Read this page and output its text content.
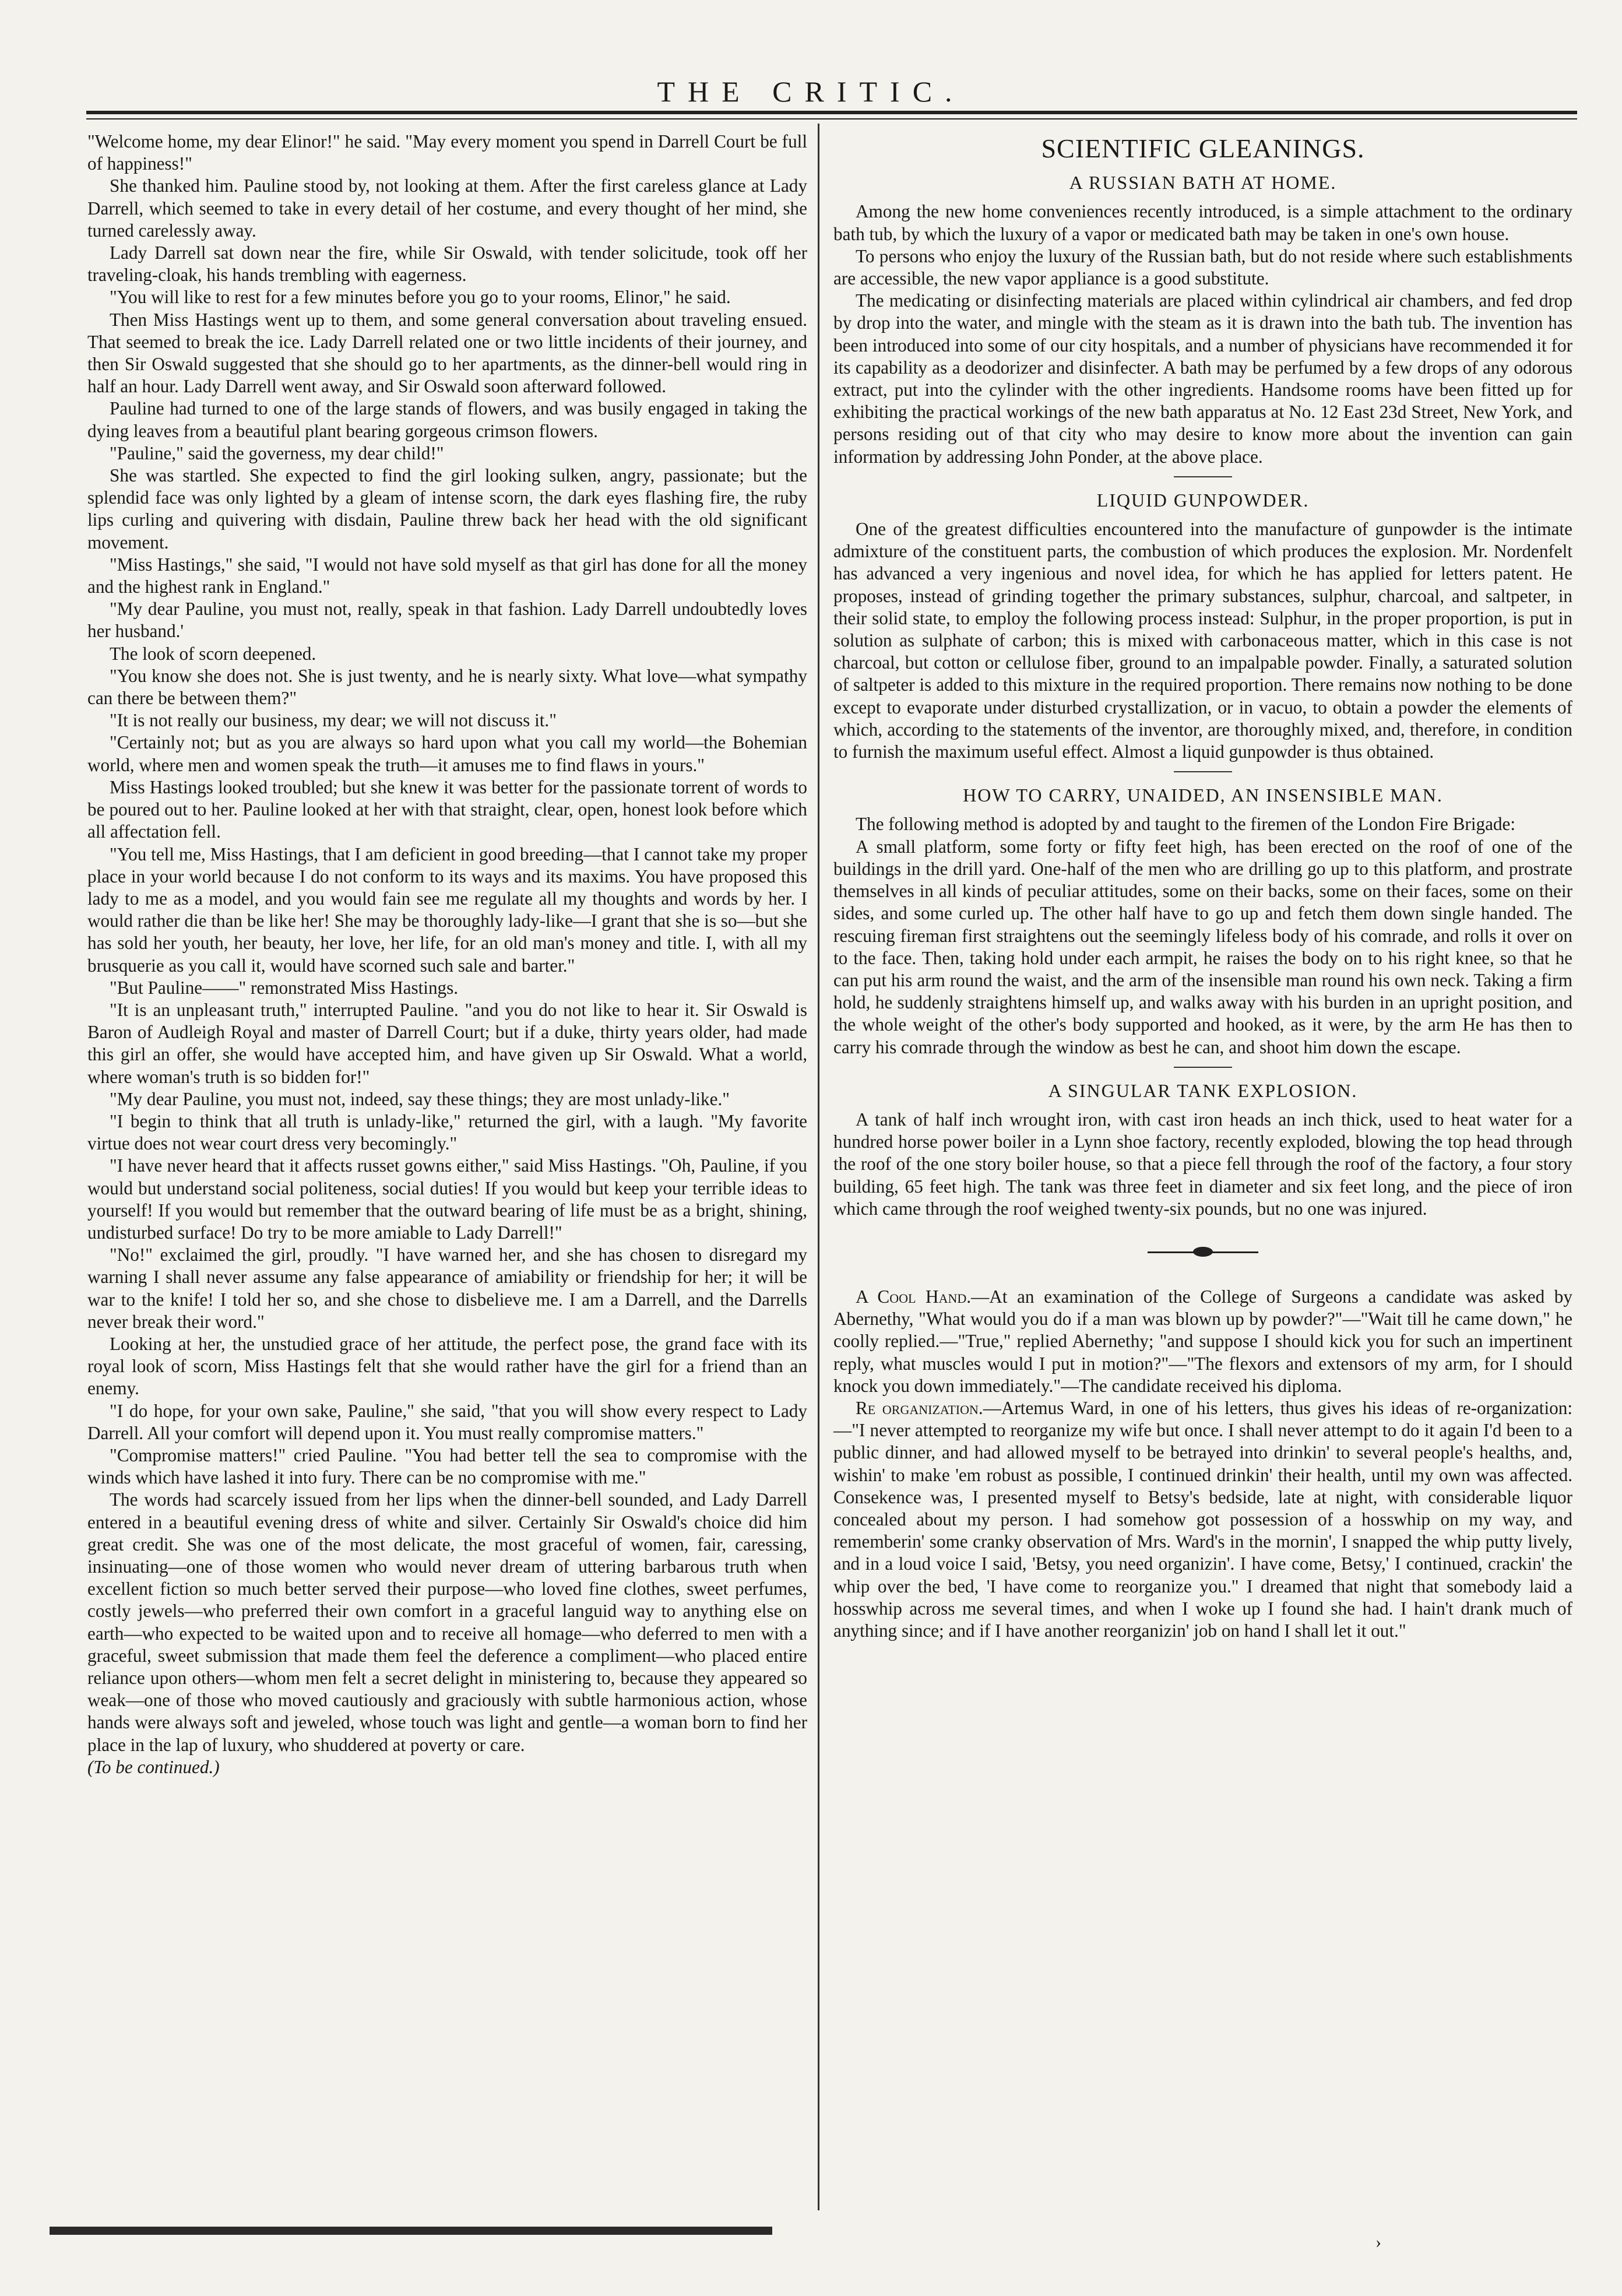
THE CRITIC.

"Welcome home, my dear Elinor!" he said. "May every moment you spend in Darrell Court be full of happiness!"

She thanked him. Pauline stood by, not looking at them. After the first careless glance at Lady Darrell, which seemed to take in every detail of her costume, and every thought of her mind, she turned carelessly away.

Lady Darrell sat down near the fire, while Sir Oswald, with tender solicitude, took off her traveling-cloak, his hands trembling with eagerness.

"You will like to rest for a few minutes before you go to your rooms, Elinor," he said.

Then Miss Hastings went up to them, and some general conversation about traveling ensued. That seemed to break the ice. Lady Darrell related one or two little incidents of their journey, and then Sir Oswald suggested that she should go to her apartments, as the dinner-bell would ring in half an hour. Lady Darrell went away, and Sir Oswald soon afterward followed.

Pauline had turned to one of the large stands of flowers, and was busily engaged in taking the dying leaves from a beautiful plant bearing gorgeous crimson flowers.

"Pauline," said the governess, my dear child!"

She was startled. She expected to find the girl looking sulken, angry, passionate; but the splendid face was only lighted by a gleam of intense scorn, the dark eyes flashing fire, the ruby lips curling and quivering with disdain, Pauline threw back her head with the old significant movement.

"Miss Hastings," she said, "I would not have sold myself as that girl has done for all the money and the highest rank in England."

"My dear Pauline, you must not, really, speak in that fashion. Lady Darrell undoubtedly loves her husband.'

The look of scorn deepened.

"You know she does not. She is just twenty, and he is nearly sixty. What love—what sympathy can there be between them?"

"It is not really our business, my dear; we will not discuss it."

"Certainly not; but as you are always so hard upon what you call my world—the Bohemian world, where men and women speak the truth—it amuses me to find flaws in yours."

Miss Hastings looked troubled; but she knew it was better for the passionate torrent of words to be poured out to her. Pauline looked at her with that straight, clear, open, honest look before which all affectation fell.

"You tell me, Miss Hastings, that I am deficient in good breeding—that I cannot take my proper place in your world because I do not conform to its ways and its maxims. You have proposed this lady to me as a model, and you would fain see me regulate all my thoughts and words by her. I would rather die than be like her! She may be thoroughly lady-like—I grant that she is so—but she has sold her youth, her beauty, her love, her life, for an old man's money and title. I, with all my brusquerie as you call it, would have scorned such sale and barter."

"But Pauline——" remonstrated Miss Hastings.

"It is an unpleasant truth," interrupted Pauline. "and you do not like to hear it. Sir Oswald is Baron of Audleigh Royal and master of Darrell Court; but if a duke, thirty years older, had made this girl an offer, she would have accepted him, and have given up Sir Oswald. What a world, where woman's truth is so bidden for!"

"My dear Pauline, you must not, indeed, say these things; they are most unlady-like."

"I begin to think that all truth is unlady-like," returned the girl, with a laugh. "My favorite virtue does not wear court dress very becomingly."

"I have never heard that it affects russet gowns either," said Miss Hastings. "Oh, Pauline, if you would but understand social politeness, social duties! If you would but keep your terrible ideas to yourself! If you would but remember that the outward bearing of life must be as a bright, shining, undisturbed surface! Do try to be more amiable to Lady Darrell!"

"No!" exclaimed the girl, proudly. "I have warned her, and she has chosen to disregard my warning I shall never assume any false appearance of amiability or friendship for her; it will be war to the knife! I told her so, and she chose to disbelieve me. I am a Darrell, and the Darrells never break their word."

Looking at her, the unstudied grace of her attitude, the perfect pose, the grand face with its royal look of scorn, Miss Hastings felt that she would rather have the girl for a friend than an enemy.

"I do hope, for your own sake, Pauline," she said, "that you will show every respect to Lady Darrell. All your comfort will depend upon it. You must really compromise matters."

"Compromise matters!" cried Pauline. "You had better tell the sea to compromise with the winds which have lashed it into fury. There can be no compromise with me."

The words had scarcely issued from her lips when the dinner-bell sounded, and Lady Darrell entered in a beautiful evening dress of white and silver. Certainly Sir Oswald's choice did him great credit. She was one of the most delicate, the most graceful of women, fair, caressing, insinuating—one of those women who would never dream of uttering barbarous truth when excellent fiction so much better served their purpose—who loved fine clothes, sweet perfumes, costly jewels—who preferred their own comfort in a graceful languid way to anything else on earth—who expected to be waited upon and to receive all homage—who deferred to men with a graceful, sweet submission that made them feel the deference a compliment—who placed entire reliance upon others—whom men felt a secret delight in ministering to, because they appeared so weak—one of those who moved cautiously and graciously with subtle harmonious action, whose hands were always soft and jeweled, whose touch was light and gentle—a woman born to find her place in the lap of luxury, who shuddered at poverty or care.

(To be continued.)

SCIENTIFIC GLEANINGS.
A RUSSIAN BATH AT HOME.

Among the new home conveniences recently introduced, is a simple attachment to the ordinary bath tub, by which the luxury of a vapor or medicated bath may be taken in one's own house.

To persons who enjoy the luxury of the Russian bath, but do not reside where such establishments are accessible, the new vapor appliance is a good substitute.

The medicating or disinfecting materials are placed within cylindrical air chambers, and fed drop by drop into the water, and mingle with the steam as it is drawn into the bath tub. The invention has been introduced into some of our city hospitals, and a number of physicians have recommended it for its capability as a deodorizer and disinfecter. A bath may be perfumed by a few drops of any odorous extract, put into the cylinder with the other ingredients. Handsome rooms have been fitted up for exhibiting the practical workings of the new bath apparatus at No. 12 East 23d Street, New York, and persons residing out of that city who may desire to know more about the invention can gain information by addressing John Ponder, at the above place.

LIQUID GUNPOWDER.

One of the greatest difficulties encountered into the manufacture of gunpowder is the intimate admixture of the constituent parts, the combustion of which produces the explosion. Mr. Nordenfelt has advanced a very ingenious and novel idea, for which he has applied for letters patent. He proposes, instead of grinding together the primary substances, sulphur, charcoal, and saltpeter, in their solid state, to employ the following process instead: Sulphur, in the proper proportion, is put in solution as sulphate of carbon; this is mixed with carbonaceous matter, which in this case is not charcoal, but cotton or cellulose fiber, ground to an impalpable powder. Finally, a saturated solution of saltpeter is added to this mixture in the required proportion. There remains now nothing to be done except to evaporate under disturbed crystallization, or in vacuo, to obtain a powder the elements of which, according to the statements of the inventor, are thoroughly mixed, and, therefore, in condition to furnish the maximum useful effect. Almost a liquid gunpowder is thus obtained.

HOW TO CARRY, UNAIDED, AN INSENSIBLE MAN.

The following method is adopted by and taught to the firemen of the London Fire Brigade:

A small platform, some forty or fifty feet high, has been erected on the roof of one of the buildings in the drill yard. One-half of the men who are drilling go up to this platform, and prostrate themselves in all kinds of peculiar attitudes, some on their backs, some on their faces, some on their sides, and some curled up. The other half have to go up and fetch them down single handed. The rescuing fireman first straightens out the seemingly lifeless body of his comrade, and rolls it over on to the face. Then, taking hold under each armpit, he raises the body on to his right knee, so that he can put his arm round the waist, and the arm of the insensible man round his own neck. Taking a firm hold, he suddenly straightens himself up, and walks away with his burden in an upright position, and the whole weight of the other's body supported and hooked, as it were, by the arm He has then to carry his comrade through the window as best he can, and shoot him down the escape.

A SINGULAR TANK EXPLOSION.

A tank of half inch wrought iron, with cast iron heads an inch thick, used to heat water for a hundred horse power boiler in a Lynn shoe factory, recently exploded, blowing the top head through the roof of the one story boiler house, so that a piece fell through the roof of the factory, a four story building, 65 feet high. The tank was three feet in diameter and six feet long, and the piece of iron which came through the roof weighed twenty-six pounds, but no one was injured.

A Cool Hand.—At an examination of the College of Surgeons a candidate was asked by Abernethy, "What would you do if a man was blown up by powder?"—"Wait till he came down," he coolly replied.—"True," replied Abernethy; "and suppose I should kick you for such an impertinent reply, what muscles would I put in motion?"—"The flexors and extensors of my arm, for I should knock you down immediately."—The candidate received his diploma.

Re organization.—Artemus Ward, in one of his letters, thus gives his ideas of re-organization:—"I never attempted to reorganize my wife but once. I shall never attempt to do it again I'd been to a public dinner, and had allowed myself to be betrayed into drinkin' to several people's healths, and, wishin' to make 'em robust as possible, I continued drinkin' their health, until my own was affected. Consekence was, I presented myself to Betsy's bedside, late at night, with considerable liquor concealed about my person. I had somehow got possession of a hosswhip on my way, and rememberin' some cranky observation of Mrs. Ward's in the mornin', I snapped the whip putty lively, and in a loud voice I said, 'Betsy, you need organizin'. I have come, Betsy,' I continued, crackin' the whip over the bed, 'I have come to reorganize you." I dreamed that night that somebody laid a hosswhip across me several times, and when I woke up I found she had. I hain't drank much of anything since; and if I have another reorganizin' job on hand I shall let it out."

›
